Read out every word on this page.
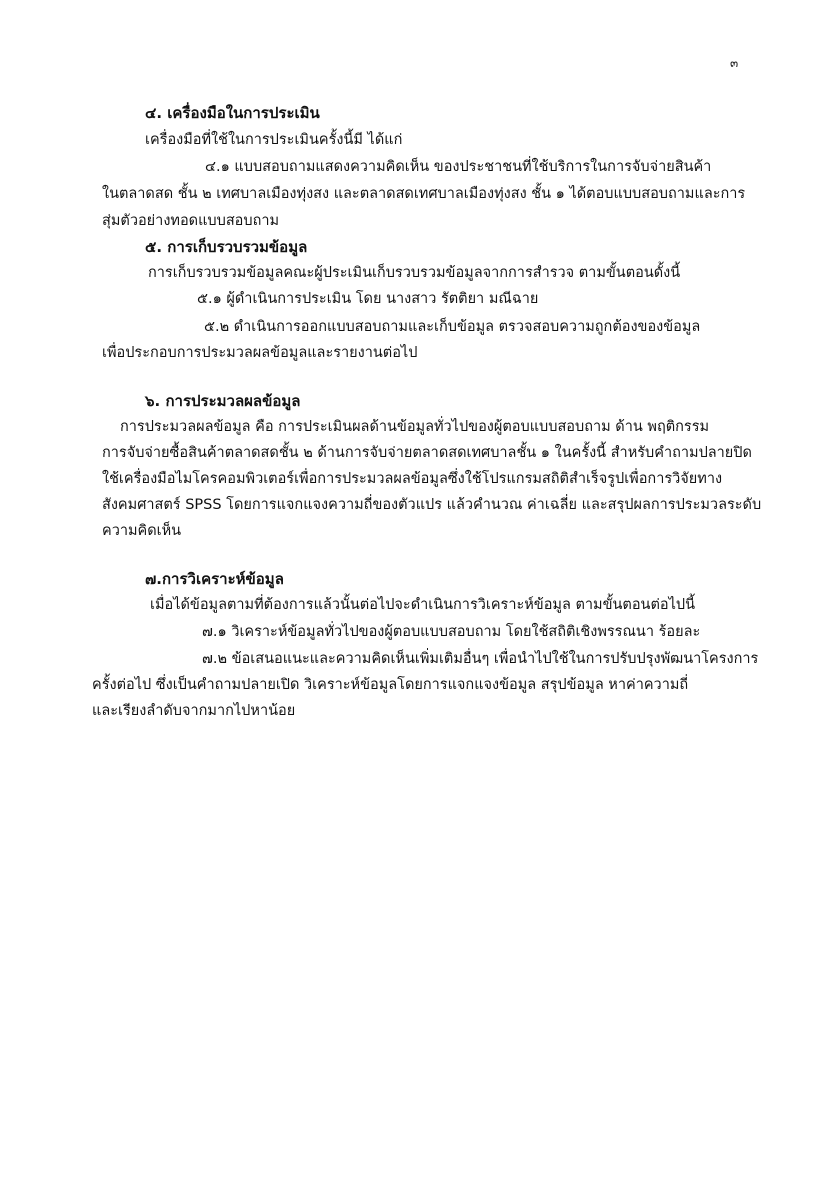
๓
๔. เครื่องมือในการประเมิน
เครื่องมือที่ใช้ในการประเมินครั้งนี้มี ได้แก่
๔.๑ แบบสอบถามแสดงความคิดเห็น ของประชาชนที่ใช้บริการในการจับจ่ายสินค้า
ในตลาดสด ชั้น ๒ เทศบาลเมืองทุ่งสง และตลาดสดเทศบาลเมืองทุ่งสง ชั้น ๑ ได้ตอบแบบสอบถามและการ
สุ่มตัวอย่างทอดแบบสอบถาม
๕. การเก็บรวบรวมข้อมูล
การเก็บรวบรวมข้อมูลคณะผู้ประเมินเก็บรวบรวมข้อมูลจากการสำรวจ ตามขั้นตอนดั้งนี้
๕.๑ ผู้ดำเนินการประเมิน โดย นางสาว รัตติยา มณีฉาย
๕.๒ ดำเนินการออกแบบสอบถามและเก็บข้อมูล ตรวจสอบความถูกต้องของข้อมูล
เพื่อประกอบการประมวลผลข้อมูลและรายงานต่อไป
๖. การประมวลผลข้อมูล
การประมวลผลข้อมูล คือ การประเมินผลด้านข้อมูลทั่วไปของผู้ตอบแบบสอบถาม ด้าน พฤติกรรม
การจับจ่ายซื้อสินค้าตลาดสดชั้น ๒ ด้านการจับจ่ายตลาดสดเทศบาลชั้น ๑ ในครั้งนี้ สำหรับคำถามปลายปิด
ใช้เครื่องมือไมโครคอมพิวเตอร์เพื่อการประมวลผลข้อมูลซึ่งใช้โปรแกรมสถิติสำเร็จรูปเพื่อการวิจัยทาง
สังคมศาสตร์ SPSS โดยการแจกแจงความถี่ของตัวแปร แล้วคำนวณ ค่าเฉลี่ย และสรุปผลการประมวลระดับ
ความคิดเห็น
๗.การวิเคราะห์ข้อมูล
เมื่อได้ข้อมูลตามที่ต้องการแล้วนั้นต่อไปจะดำเนินการวิเคราะห์ข้อมูล ตามขั้นตอนต่อไปนี้
๗.๑ วิเคราะห์ข้อมูลทั่วไปของผู้ตอบแบบสอบถาม โดยใช้สถิติเชิงพรรณนา ร้อยละ
๗.๒ ข้อเสนอแนะและความคิดเห็นเพิ่มเติมอื่นๆ เพื่อนำไปใช้ในการปรับปรุงพัฒนาโครงการ
ครั้งต่อไป ซึ่งเป็นคำถามปลายเปิด วิเคราะห์ข้อมูลโดยการแจกแจงข้อมูล สรุปข้อมูล หาค่าความถี่
และเรียงลำดับจากมากไปหาน้อย
